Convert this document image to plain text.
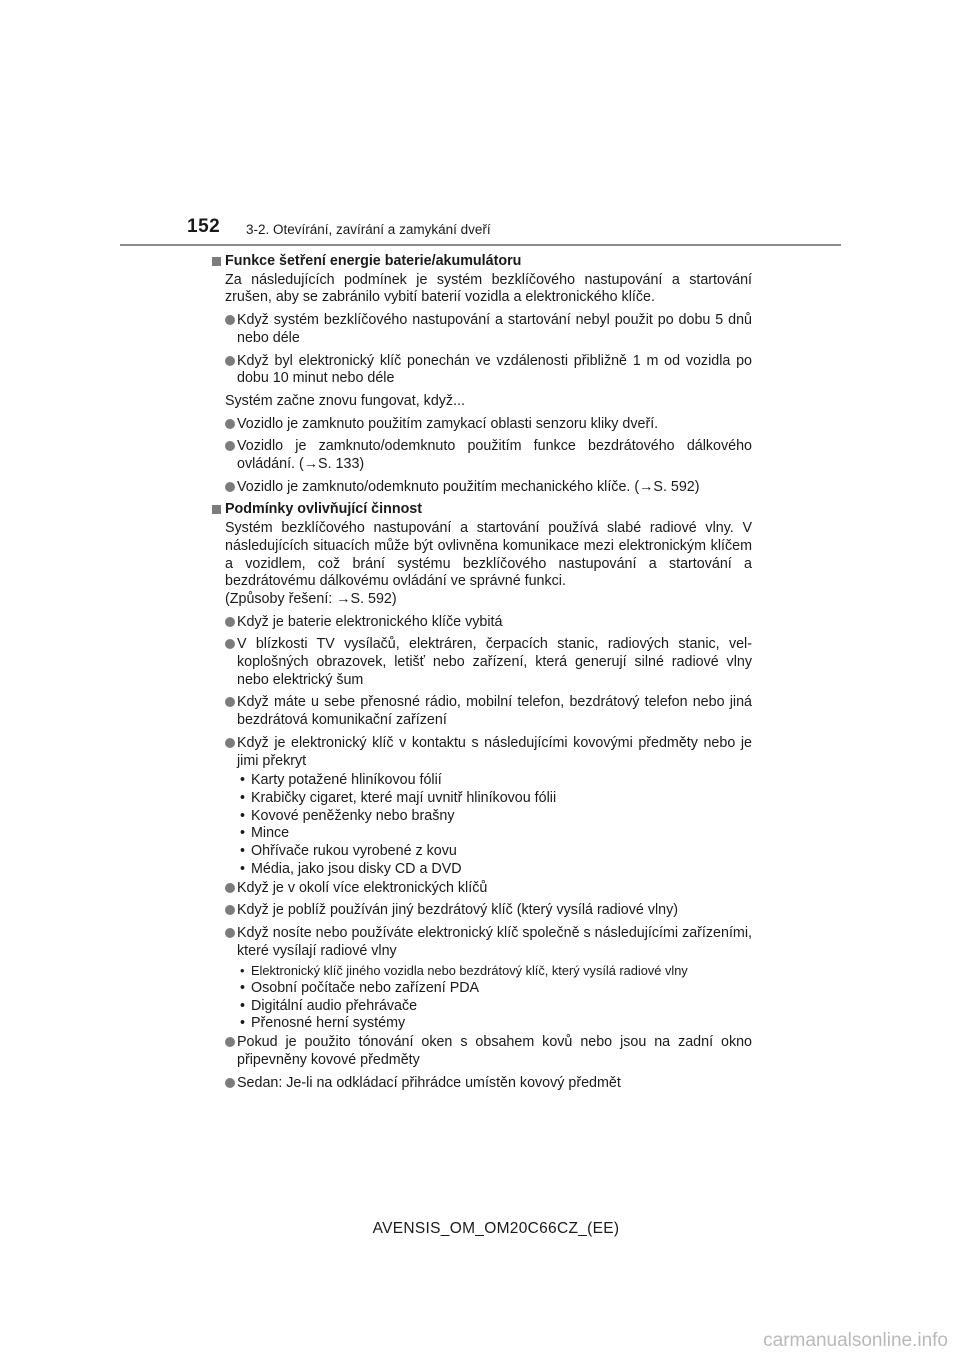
152 3-2. Otevírání, zavírání a zamykání dveří
Funkce šetření energie baterie/akumulátoru
Za následujících podmínek je systém bezklíčového nastupování a startování zrušen, aby se zabránilo vybití baterií vozidla a elektronického klíče.
Když systém bezklíčového nastupování a startování nebyl použit po dobu 5 dnů nebo déle
Když byl elektronický klíč ponechán ve vzdálenosti přibližně 1 m od vozidla po dobu 10 minut nebo déle
Systém začne znovu fungovat, když...
Vozidlo je zamknuto použitím zamykací oblasti senzoru kliky dveří.
Vozidlo je zamknuto/odemknuto použitím funkce bezdrátového dálkového ovládání. (→S. 133)
Vozidlo je zamknuto/odemknuto použitím mechanického klíče. (→S. 592)
Podmínky ovlivňující činnost
Systém bezklíčového nastupování a startování používá slabé radiové vlny. V následujících situacích může být ovlivněna komunikace mezi elektronickým klíčem a vozidlem, což brání systému bezklíčového nastupování a startování a bezdrátovému dálkovému ovládání ve správné funkci.
(Způsoby řešení: →S. 592)
Když je baterie elektronického klíče vybitá
V blízkosti TV vysílačů, elektráren, čerpacích stanic, radiových stanic, velkoplošných obrazovek, letišť nebo zařízení, která generují silné radiové vlny nebo elektrický šum
Když máte u sebe přenosné rádio, mobilní telefon, bezdrátový telefon nebo jiná bezdrátová komunikační zařízení
Když je elektronický klíč v kontaktu s následujícími kovovými předměty nebo je jimi překryt
• Karty potažené hliníkovou fólií
• Krabičky cigaret, které mají uvnitř hliníkovou fólii
• Kovové peněženky nebo brašny
• Mince
• Ohřívače rukou vyrobené z kovu
• Média, jako jsou disky CD a DVD
Když je v okolí více elektronických klíčů
Když je poblíž používán jiný bezdrátový klíč (který vysílá radiové vlny)
Když nosíte nebo používáte elektronický klíč společně s následujícími zařízeními, které vysílají radiové vlny
• Elektronický klíč jiného vozidla nebo bezdrátový klíč, který vysílá radiové vlny
• Osobní počítače nebo zařízení PDA
• Digitální audio přehrávače
• Přenosné herní systémy
Pokud je použito tónování oken s obsahem kovů nebo jsou na zadní okno připevněny kovové předměty
Sedan: Je-li na odkládací přihrádce umístěn kovový předmět
AVENSIS_OM_OM20C66CZ_(EE)
carmanualsonline.info
